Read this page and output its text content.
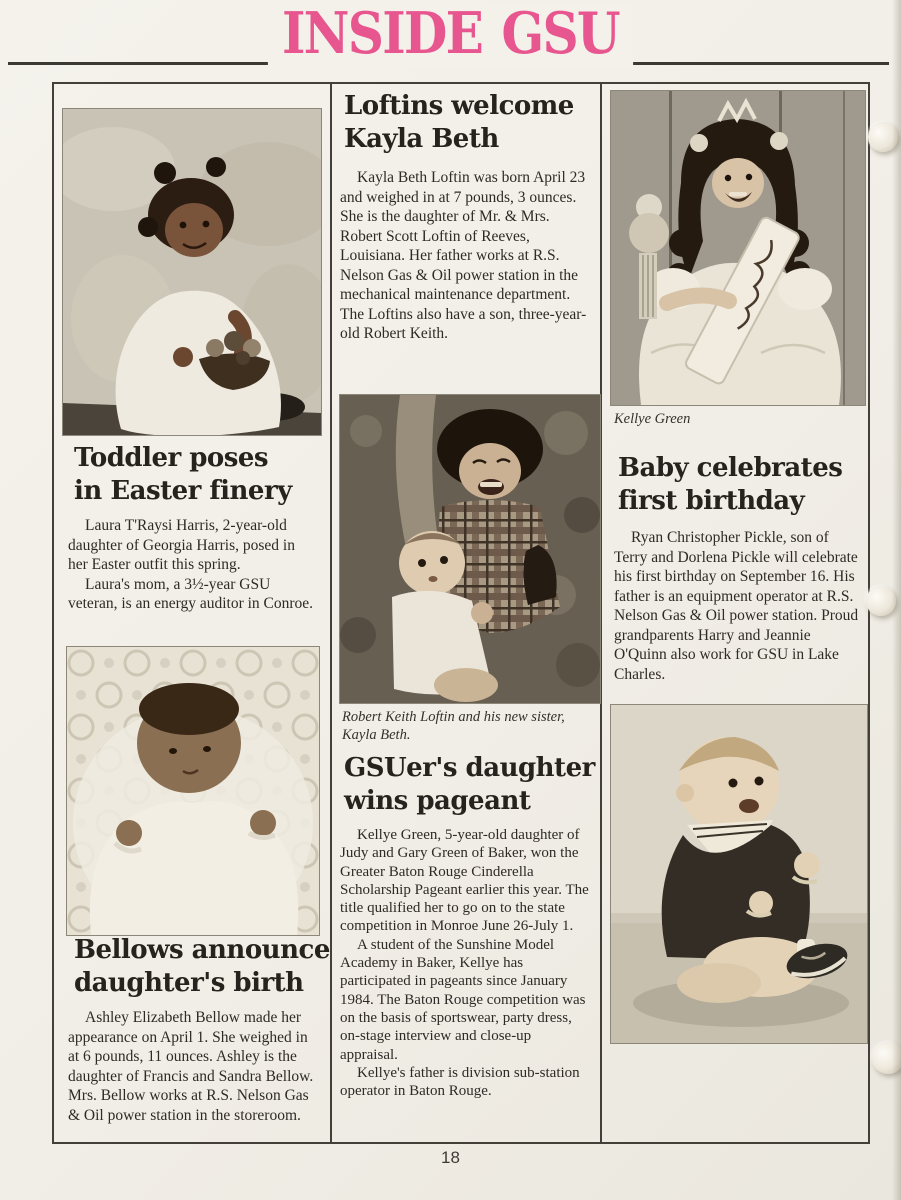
INSIDE GSU
Toddler poses
in Easter finery

Laura T'Raysi Harris, 2-year-old daughter of Georgia Harris, posed in her Easter outfit this spring.

Laura's mom, a 3½-year GSU veteran, is an energy auditor in Conroe.

Bellows announce
daughter's birth

Ashley Elizabeth Bellow made her appearance on April 1. She weighed in at 6 pounds, 11 ounces. Ashley is the daughter of Francis and Sandra Bellow. Mrs. Bellow works at R.S. Nelson Gas & Oil power station in the storeroom.

Loftins welcome
Kayla Beth

Kayla Beth Loftin was born April 23 and weighed in at 7 pounds, 3 ounces. She is the daughter of Mr. & Mrs. Robert Scott Loftin of Reeves, Louisiana. Her father works at R.S. Nelson Gas & Oil power station in the mechanical maintenance department. The Loftins also have a son, three-year-old Robert Keith.

Robert Keith Loftin and his new sister, Kayla Beth.
GSUer's daughter
wins pageant

Kellye Green, 5-year-old daughter of Judy and Gary Green of Baker, won the Greater Baton Rouge Cinderella Scholarship Pageant earlier this year. The title qualified her to go on to the state competition in Monroe June 26-July 1.

A student of the Sunshine Model Academy in Baker, Kellye has participated in pageants since January 1984. The Baton Rouge competition was on the basis of sportswear, party dress, on-stage interview and close-up appraisal.

Kellye's father is division sub-station operator in Baton Rouge.

Kellye Green
Baby celebrates
first birthday

Ryan Christopher Pickle, son of Terry and Dorlena Pickle will celebrate his first birthday on September 16. His father is an equipment operator at R.S. Nelson Gas & Oil power station. Proud grandparents Harry and Jeannie O'Quinn also work for GSU in Lake Charles.

18
